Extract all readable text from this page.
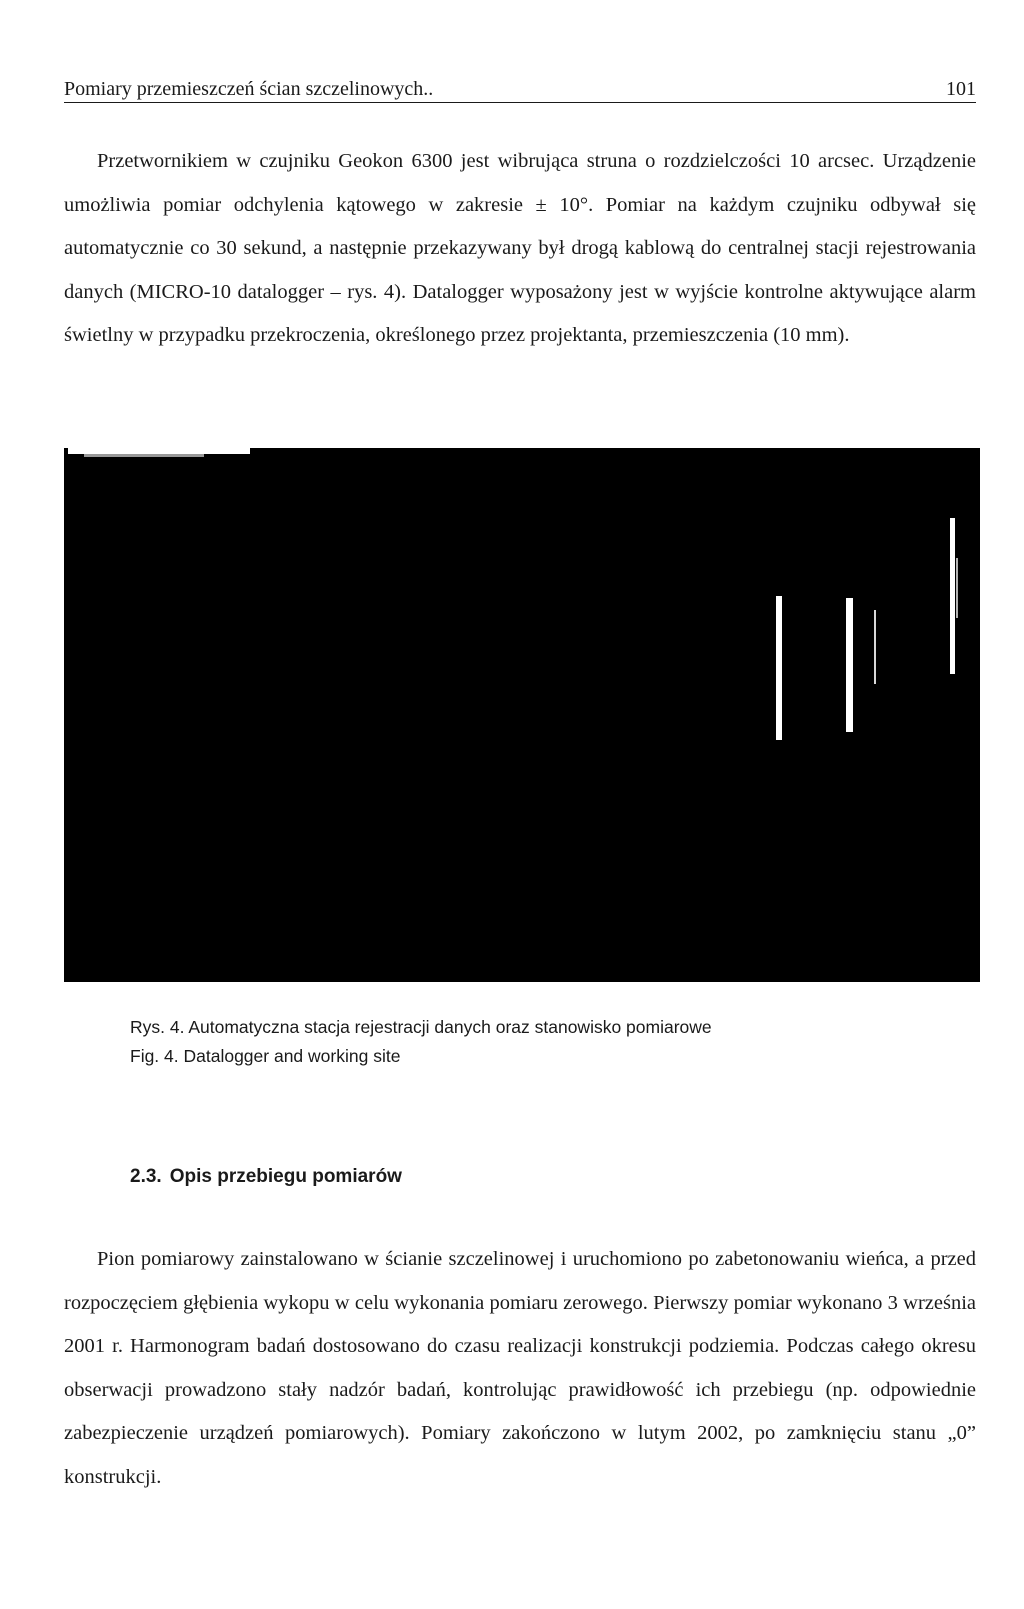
Pomiary przemieszczeń ścian szczelinowych..	101

Przetwornikiem w czujniku Geokon 6300 jest wibrująca struna o rozdzielczości 10 arcsec. Urządzenie umożliwia pomiar odchylenia kątowego w zakresie ± 10°. Pomiar na każdym czujniku odbywał się automatycznie co 30 sekund, a następnie przekazywany był drogą kablową do centralnej stacji rejestrowania danych (MICRO-10 datalogger – rys. 4). Datalogger wyposażony jest w wyjście kontrolne aktywujące alarm świetlny w przypadku przekroczenia, określonego przez projektanta, przemieszczenia (10 mm).

Rys. 4. Automatyczna stacja rejestracji danych oraz stanowisko pomiarowe
Fig. 4. Datalogger and working site
2.3. Opis przebiegu pomiarów

Pion pomiarowy zainstalowano w ścianie szczelinowej i uruchomiono po zabetonowaniu wieńca, a przed rozpoczęciem głębienia wykopu w celu wykonania pomiaru zerowego. Pierwszy pomiar wykonano 3 września 2001 r. Harmonogram badań dostosowano do czasu realizacji konstrukcji podziemia. Podczas całego okresu obserwacji prowadzono stały nadzór badań, kontrolując prawidłowość ich przebiegu (np. odpowiednie zabezpieczenie urządzeń pomiarowych). Pomiary zakończono w lutym 2002, po zamknięciu stanu „0” konstrukcji.
